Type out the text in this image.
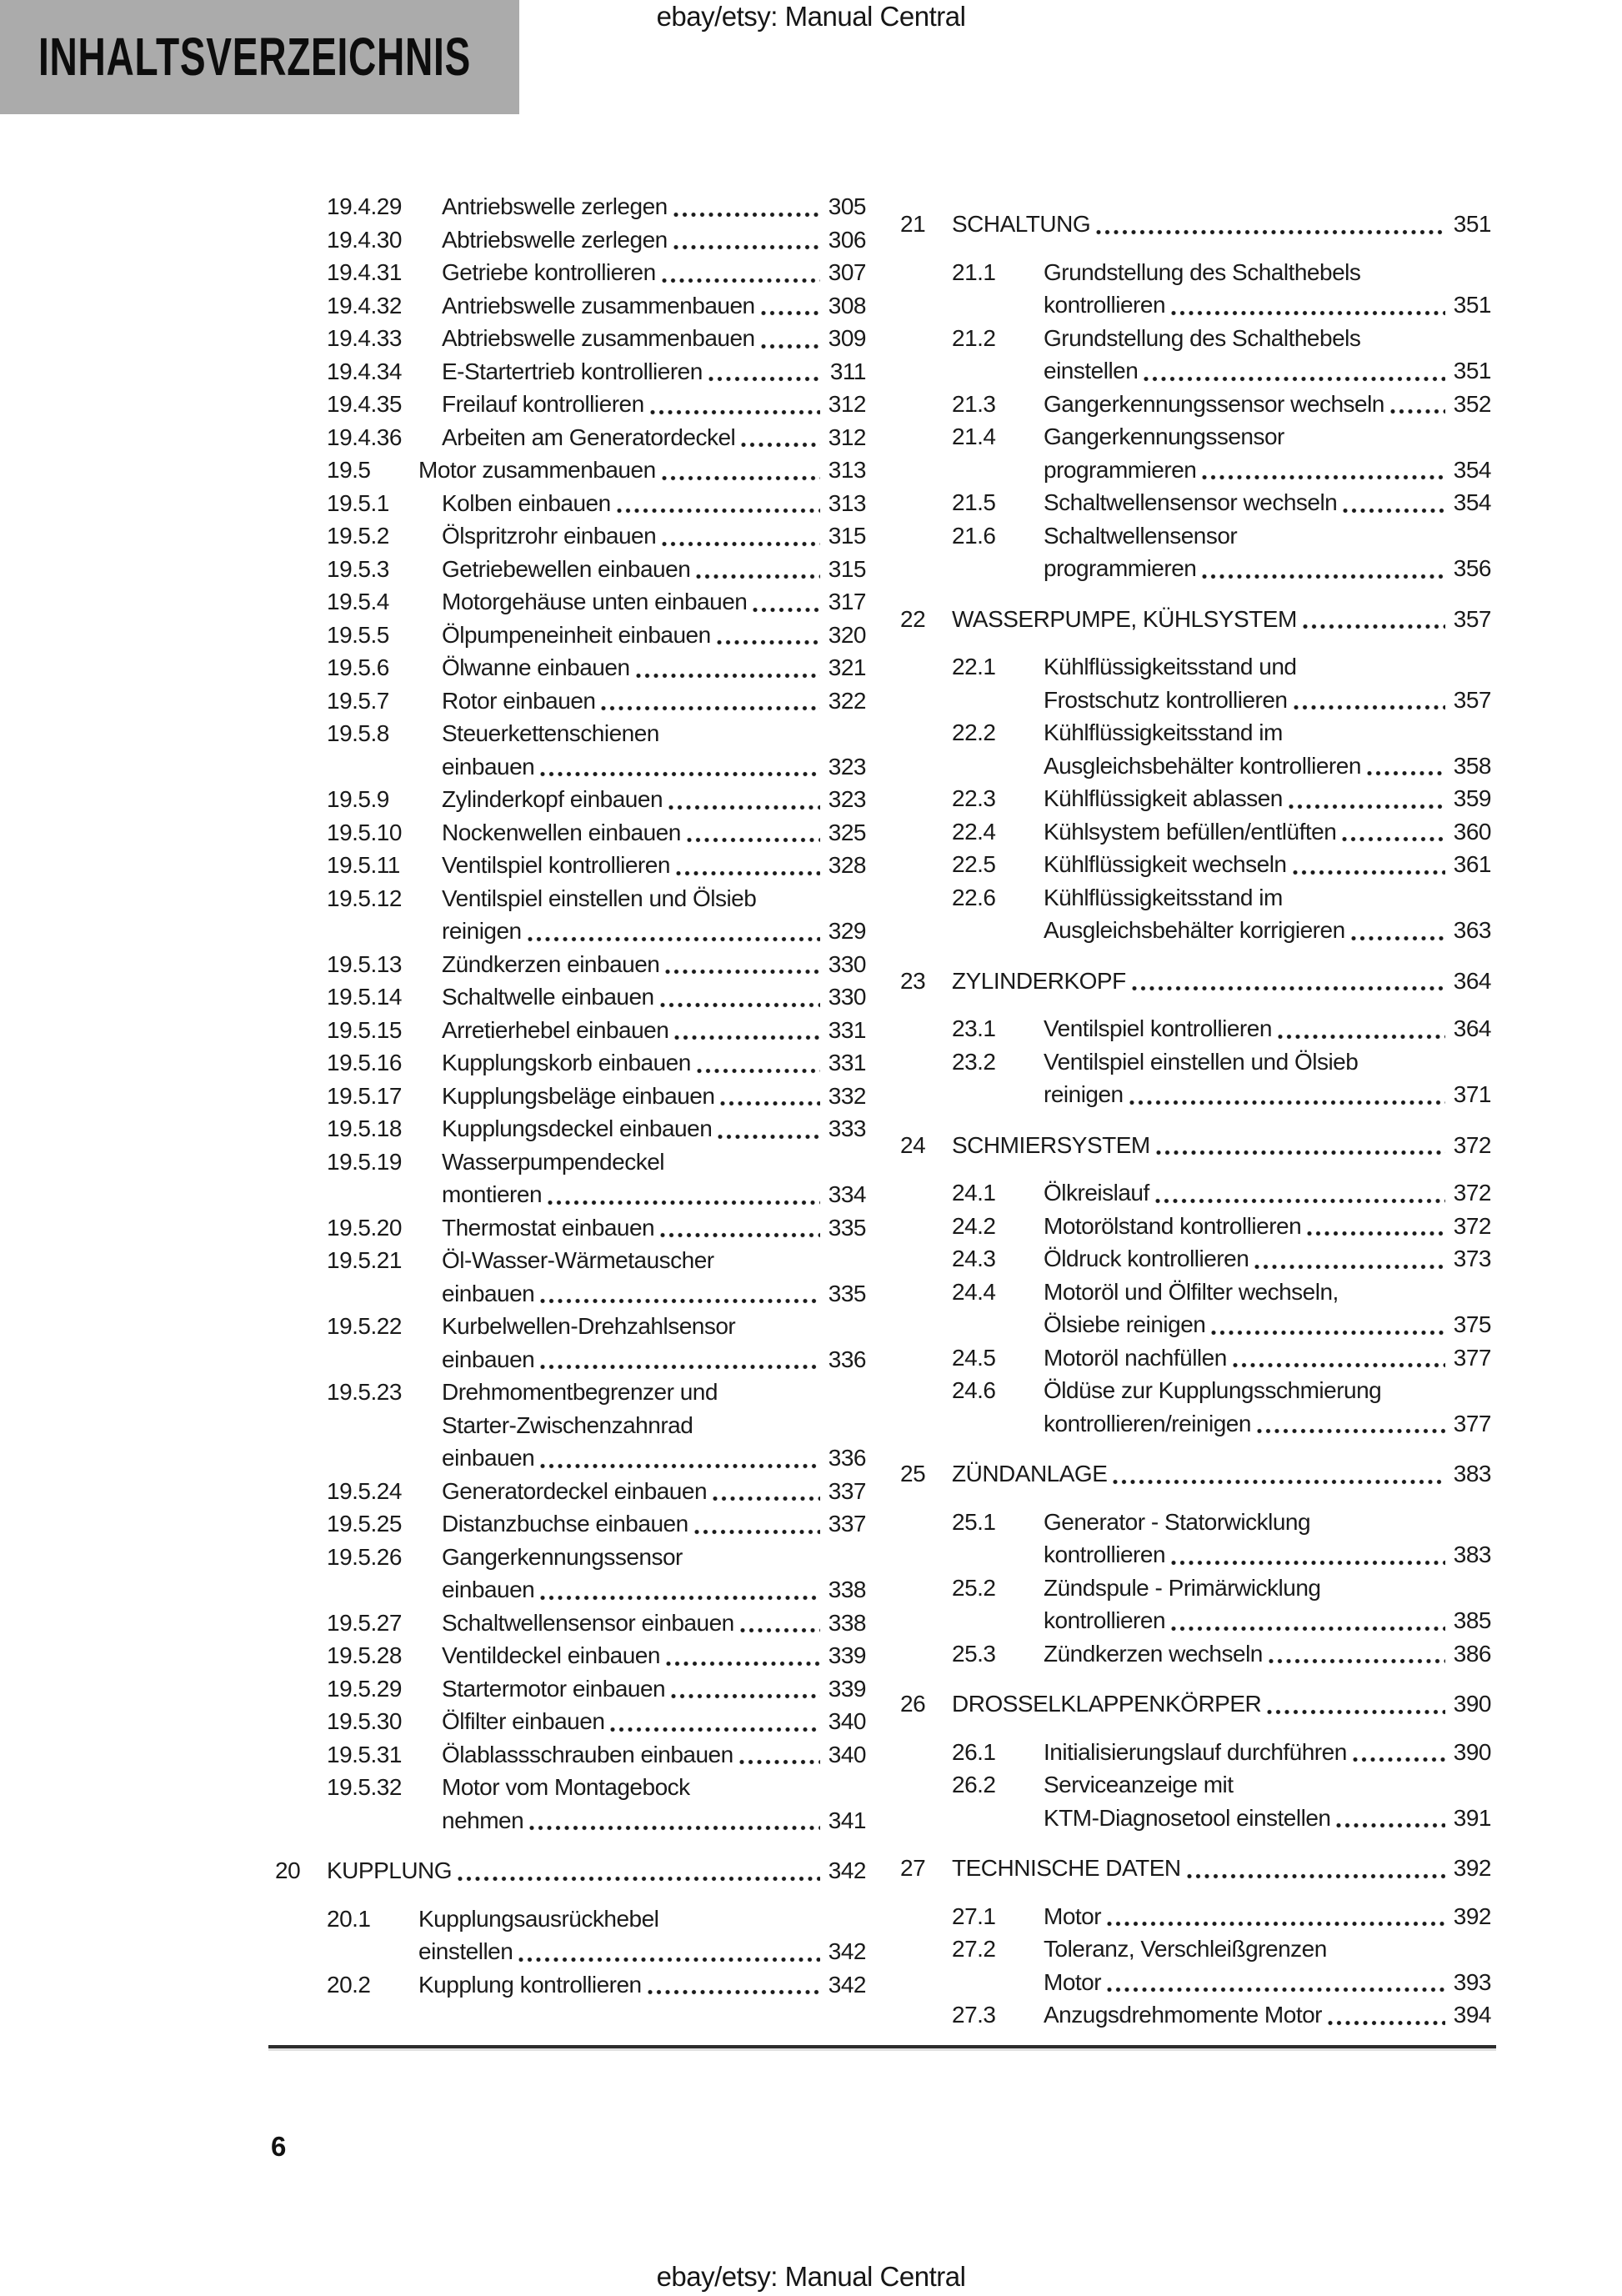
INHALTSVERZEICHNIS
ebay/etsy: Manual Central
19.4.29	Antriebswelle zerlegen	305
19.4.30	Abtriebswelle zerlegen	306
19.4.31	Getriebe kontrollieren	307
19.4.32	Antriebswelle zusammenbauen	308
19.4.33	Abtriebswelle zusammenbauen	309
19.4.34	E-Startertrieb kontrollieren	311
19.4.35	Freilauf kontrollieren	312
19.4.36	Arbeiten am Generatordeckel	312
19.5	Motor zusammenbauen	313
19.5.1	Kolben einbauen	313
19.5.2	Ölspritzrohr einbauen	315
19.5.3	Getriebewellen einbauen	315
19.5.4	Motorgehäuse unten einbauen	317
19.5.5	Ölpumpeneinheit einbauen	320
19.5.6	Ölwanne einbauen	321
19.5.7	Rotor einbauen	322
19.5.8	Steuerkettenschienen
einbauen	323
19.5.9	Zylinderkopf einbauen	323
19.5.10	Nockenwellen einbauen	325
19.5.11	Ventilspiel kontrollieren	328
19.5.12	Ventilspiel einstellen und Ölsieb
reinigen	329
19.5.13	Zündkerzen einbauen	330
19.5.14	Schaltwelle einbauen	330
19.5.15	Arretierhebel einbauen	331
19.5.16	Kupplungskorb einbauen	331
19.5.17	Kupplungsbeläge einbauen	332
19.5.18	Kupplungsdeckel einbauen	333
19.5.19	Wasserpumpendeckel
montieren	334
19.5.20	Thermostat einbauen	335
19.5.21	Öl-Wasser-Wärmetauscher
einbauen	335
19.5.22	Kurbelwellen-Drehzahlsensor
einbauen	336
19.5.23	Drehmomentbegrenzer und
Starter-Zwischenzahnrad
einbauen	336
19.5.24	Generatordeckel einbauen	337
19.5.25	Distanzbuchse einbauen	337
19.5.26	Gangerkennungssensor
einbauen	338
19.5.27	Schaltwellensensor einbauen	338
19.5.28	Ventildeckel einbauen	339
19.5.29	Startermotor einbauen	339
19.5.30	Ölfilter einbauen	340
19.5.31	Ölablassschrauben einbauen	340
19.5.32	Motor vom Montagebock
nehmen	341
20	KUPPLUNG	342
20.1	Kupplungsausrückhebel
einstellen	342
20.2	Kupplung kontrollieren	342
21	SCHALTUNG	351
21.1	Grundstellung des Schalthebels
kontrollieren	351
21.2	Grundstellung des Schalthebels
einstellen	351
21.3	Gangerkennungssensor wechseln	352
21.4	Gangerkennungssensor
programmieren	354
21.5	Schaltwellensensor wechseln	354
21.6	Schaltwellensensor
programmieren	356
22	WASSERPUMPE, KÜHLSYSTEM	357
22.1	Kühlflüssigkeitsstand und
Frostschutz kontrollieren	357
22.2	Kühlflüssigkeitsstand im
Ausgleichsbehälter kontrollieren	358
22.3	Kühlflüssigkeit ablassen	359
22.4	Kühlsystem befüllen/entlüften	360
22.5	Kühlflüssigkeit wechseln	361
22.6	Kühlflüssigkeitsstand im
Ausgleichsbehälter korrigieren	363
23	ZYLINDERKOPF	364
23.1	Ventilspiel kontrollieren	364
23.2	Ventilspiel einstellen und Ölsieb
reinigen	371
24	SCHMIERSYSTEM	372
24.1	Ölkreislauf	372
24.2	Motorölstand kontrollieren	372
24.3	Öldruck kontrollieren	373
24.4	Motoröl und Ölfilter wechseln,
Ölsiebe reinigen	375
24.5	Motoröl nachfüllen	377
24.6	Öldüse zur Kupplungsschmierung
kontrollieren/reinigen	377
25	ZÜNDANLAGE	383
25.1	Generator - Statorwicklung
kontrollieren	383
25.2	Zündspule - Primärwicklung
kontrollieren	385
25.3	Zündkerzen wechseln	386
26	DROSSELKLAPPENKÖRPER	390
26.1	Initialisierungslauf durchführen	390
26.2	Serviceanzeige mit
KTM-Diagnosetool einstellen	391
27	TECHNISCHE DATEN	392
27.1	Motor	392
27.2	Toleranz, Verschleißgrenzen
Motor	393
27.3	Anzugsdrehmomente Motor	394
6
ebay/etsy: Manual Central
